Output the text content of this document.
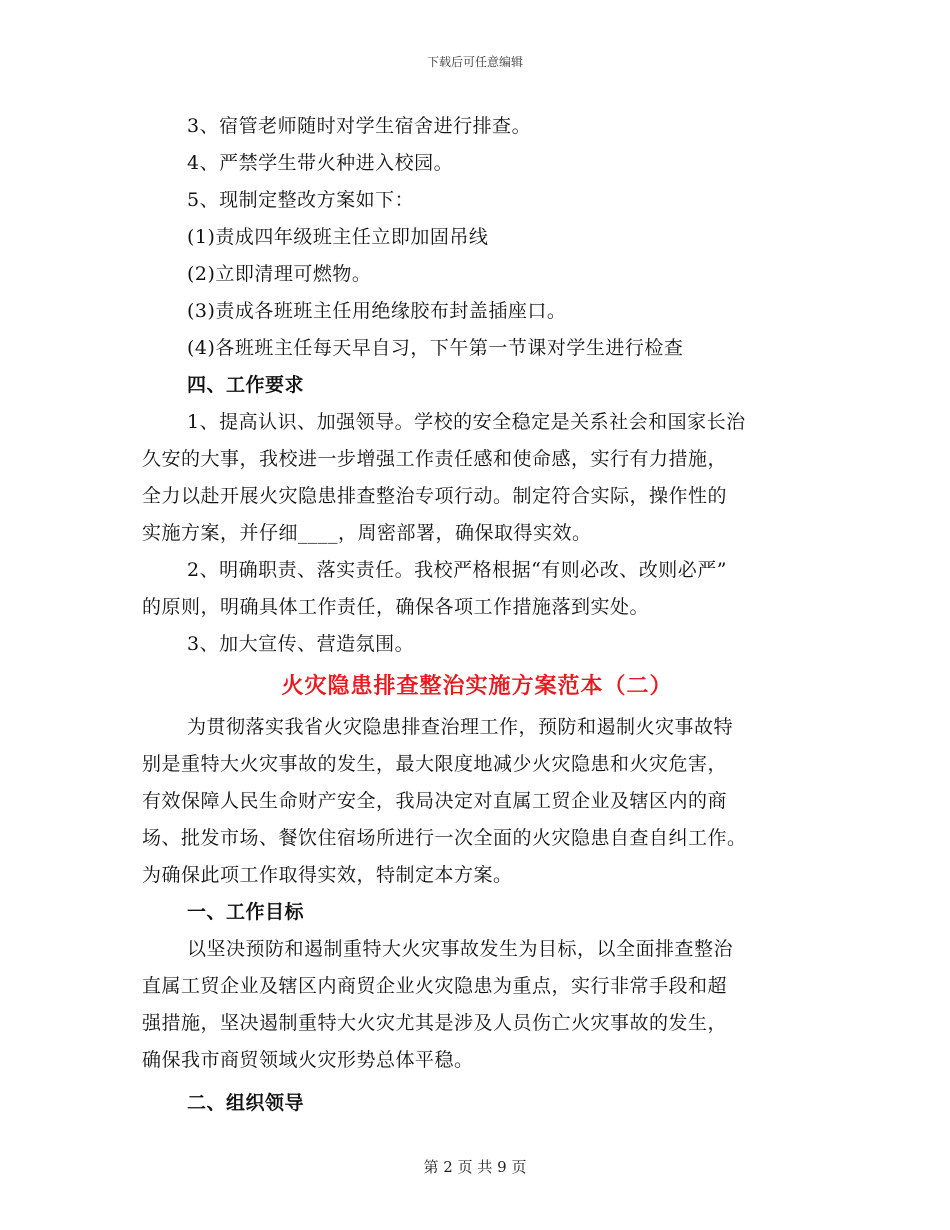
下载后可任意编辑
3、宿管老师随时对学生宿舍进行排查。
4、严禁学生带火种进入校园。
5、现制定整改方案如下：
(1)责成四年级班主任立即加固吊线
(2)立即清理可燃物。
(3)责成各班班主任用绝缘胶布封盖插座口。
(4)各班班主任每天早自习，下午第一节课对学生进行检查
四、工作要求
1、提高认识、加强领导。学校的安全稳定是关系社会和国家长治
久安的大事，我校进一步增强工作责任感和使命感，实行有力措施，
全力以赴开展火灾隐患排查整治专项行动。制定符合实际，操作性的
实施方案，并仔细____，周密部署，确保取得实效。
2、明确职责、落实责任。我校严格根据“有则必改、改则必严”
的原则，明确具体工作责任，确保各项工作措施落到实处。
3、加大宣传、营造氛围。
火灾隐患排查整治实施方案范本（二）
为贯彻落实我省火灾隐患排查治理工作，预防和遏制火灾事故特
别是重特大火灾事故的发生，最大限度地减少火灾隐患和火灾危害，
有效保障人民生命财产安全，我局决定对直属工贸企业及辖区内的商
场、批发市场、餐饮住宿场所进行一次全面的火灾隐患自查自纠工作。
为确保此项工作取得实效，特制定本方案。
一、工作目标
以坚决预防和遏制重特大火灾事故发生为目标，以全面排查整治
直属工贸企业及辖区内商贸企业火灾隐患为重点，实行非常手段和超
强措施，坚决遏制重特大火灾尤其是涉及人员伤亡火灾事故的发生，
确保我市商贸领域火灾形势总体平稳。
二、组织领导
第 2 页 共 9 页
